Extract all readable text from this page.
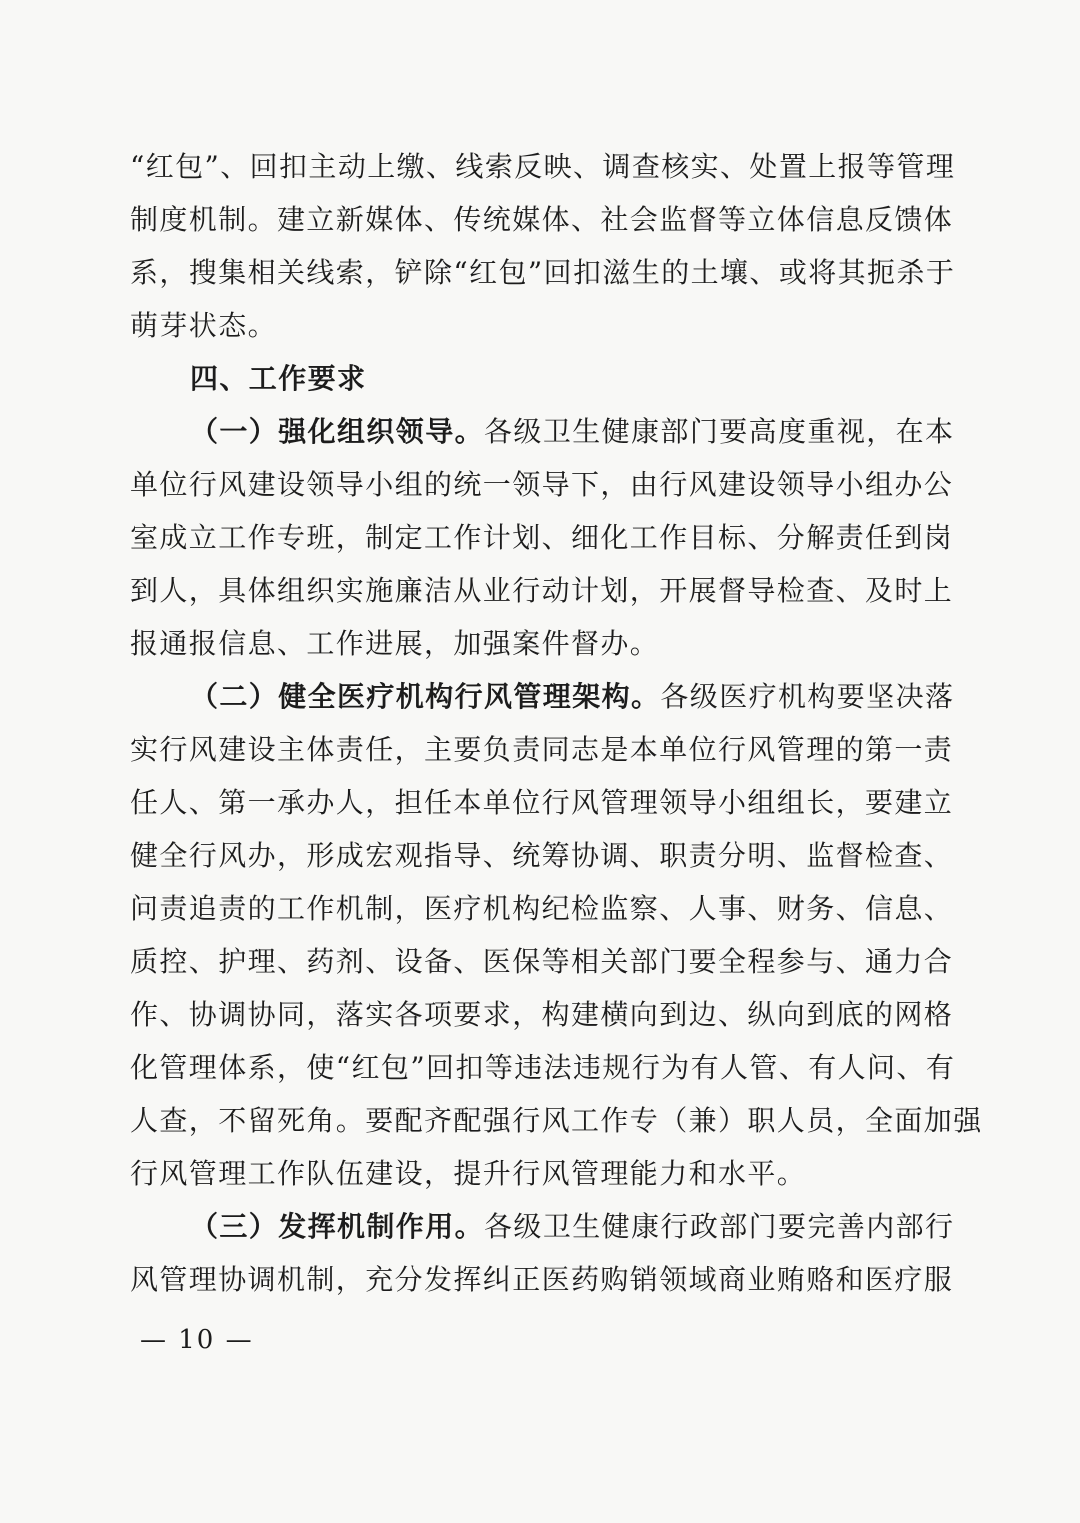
“红包”、回扣主动上缴、线索反映、调查核实、处置上报等管理
制度机制。建立新媒体、传统媒体、社会监督等立体信息反馈体
系，搜集相关线索，铲除“红包”回扣滋生的土壤、或将其扼杀于
萌芽状态。
四、工作要求
（一）强化组织领导。各级卫生健康部门要高度重视，在本
单位行风建设领导小组的统一领导下，由行风建设领导小组办公
室成立工作专班，制定工作计划、细化工作目标、分解责任到岗
到人，具体组织实施廉洁从业行动计划，开展督导检查、及时上
报通报信息、工作进展，加强案件督办。
（二）健全医疗机构行风管理架构。各级医疗机构要坚决落
实行风建设主体责任，主要负责同志是本单位行风管理的第一责
任人、第一承办人，担任本单位行风管理领导小组组长，要建立
健全行风办，形成宏观指导、统筹协调、职责分明、监督检查、
问责追责的工作机制，医疗机构纪检监察、人事、财务、信息、
质控、护理、药剂、设备、医保等相关部门要全程参与、通力合
作、协调协同，落实各项要求，构建横向到边、纵向到底的网格
化管理体系，使“红包”回扣等违法违规行为有人管、有人问、有
人查，不留死角。要配齐配强行风工作专（兼）职人员，全面加强
行风管理工作队伍建设，提升行风管理能力和水平。
（三）发挥机制作用。各级卫生健康行政部门要完善内部行
风管理协调机制，充分发挥纠正医药购销领域商业贿赂和医疗服
— 10 —
